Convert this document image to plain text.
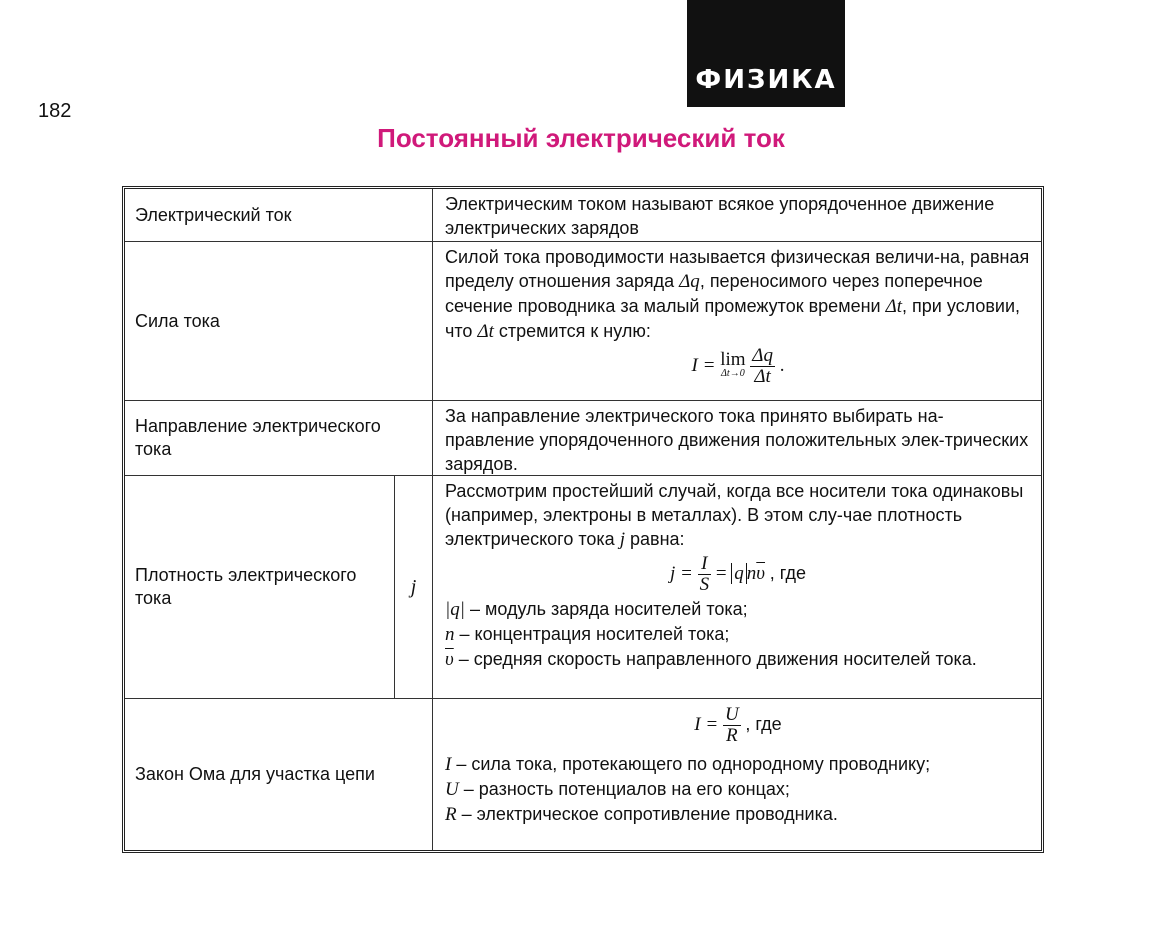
182
ФИЗИКА
Постоянный электрический ток
Электрический ток
Электрическим током называют всякое упорядоченное движение электрических зарядов
Сила тока
Силой тока проводимости называется физическая величи-на, равная пределу отношения заряда Δq, переносимого через поперечное сечение проводника за малый промежуток времени Δt, при условии, что Δt стремится к нулю:
I = lim
Δt→0
$\frac{\Delta q}{\Delta t}$ .
Направление электрического тока
За направление электрического тока принято выбирать на-правление упорядоченного движения положительных элек-трических зарядов.
Плотность электрического тока
j
Рассмотрим простейший случай, когда все носители тока одинаковы (например, электроны в металлах). В этом слу-чае плотность электрического тока j равна:
$j = \frac{I}{S} = q$ $n\overline{\upsilon}$ , где
|q| – модуль заряда носителей тока;
n – концентрация носителей тока;
$\overline{\upsilon}$ – средняя скорость направленного движения носителей тока.
Закон Ома для участка цепи
$I = \frac{U}{R}$ , где
I – сила тока, протекающего по однородному проводнику;
U – разность потенциалов на его концах;
R – электрическое сопротивление проводника.
